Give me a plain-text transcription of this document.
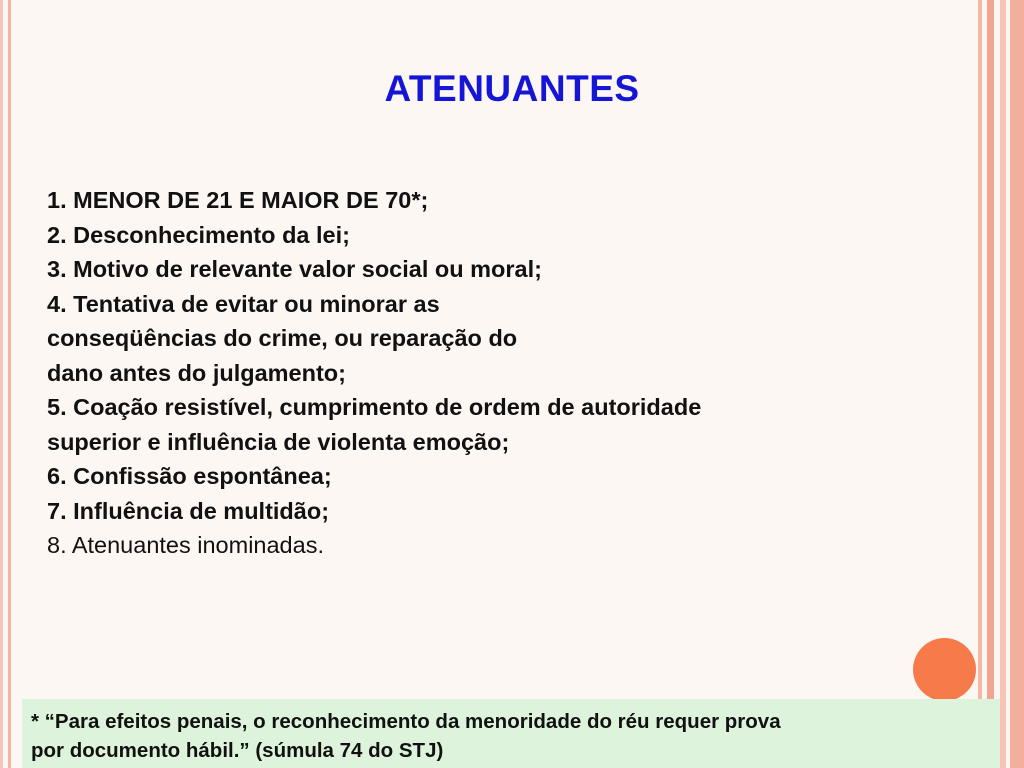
ATENUANTES
1. MENOR DE 21 E MAIOR DE 70*;
2. Desconhecimento da lei;
3. Motivo de relevante valor social ou moral;
4. Tentativa de evitar ou minorar as
conseqüências do crime, ou reparação do
dano antes do julgamento;
5. Coação resistível, cumprimento de ordem de autoridade
superior e influência de violenta emoção;
6. Confissão espontânea;
7. Influência de multidão;
8. Atenuantes inominadas.
* “Para efeitos penais, o reconhecimento da menoridade do réu requer prova
por documento hábil.” (súmula 74 do STJ)
